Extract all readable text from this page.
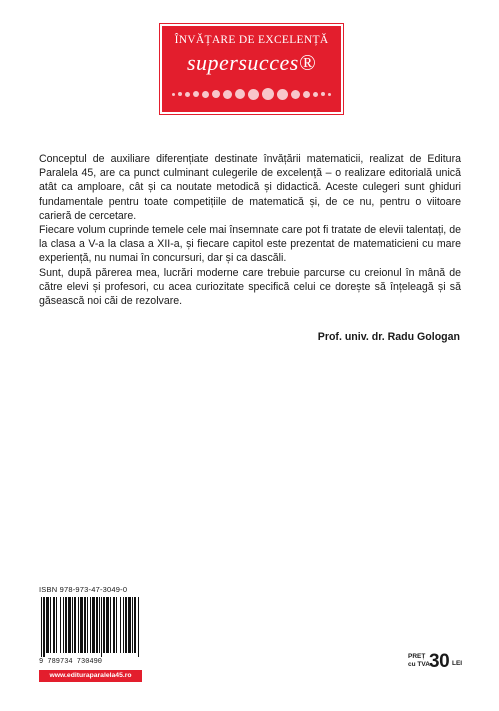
ÎNVĂȚARE DE EXCELENȚĂ
supersucces®

Conceptul de auxiliare diferențiate destinate învățării matematicii, realizat de Editura Paralela 45, are ca punct culminant culegerile de excelență – o realizare editorială unică atât ca amploare, cât și ca noutate metodică și didactică. Aceste culegeri sunt ghiduri fundamentale pentru toate competițiile de matematică și, de ce nu, pentru o viitoare carieră de cercetare.

Fiecare volum cuprinde temele cele mai însemnate care pot fi tratate de elevii talentați, de la clasa a V-a la clasa a XII-a, și fiecare capitol este prezentat de matematicieni cu mare experiență, nu numai în concursuri, dar și ca dascăli.

Sunt, după părerea mea, lucrări moderne care trebuie parcurse cu creionul în mână de către elevi și profesori, cu acea curiozitate specifică celui ce dorește să înțeleagă și să găsească noi căi de rezolvare.

Prof. univ. dr. Radu Gologan
ISBN 978-973-47-3049-0
9 789734 730490
www.edituraparalela45.ro
PREȚ
cu TVA 30 LEI
